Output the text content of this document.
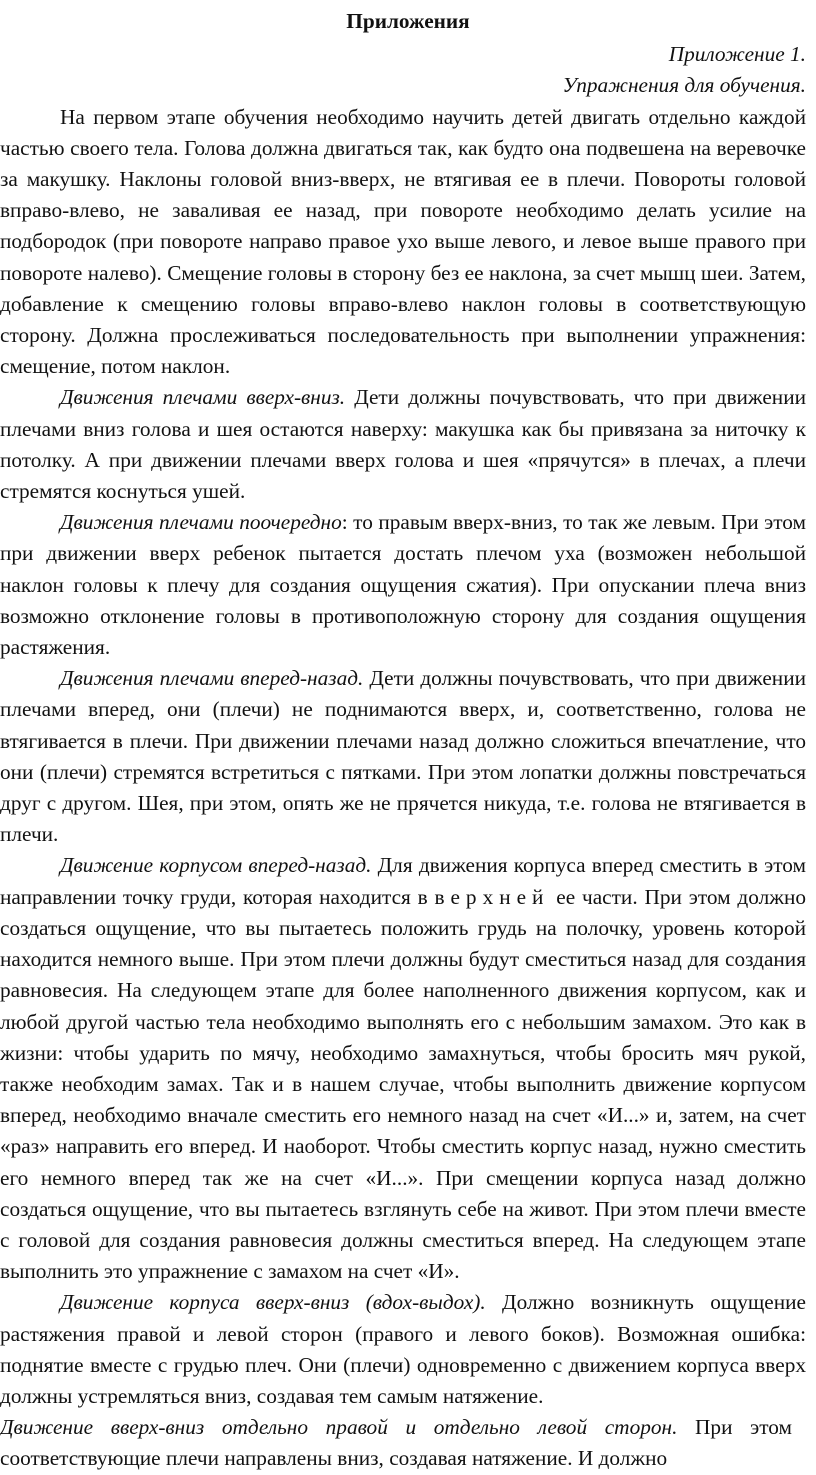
Приложения
Приложение 1.
Упражнения для обучения.

На первом этапе обучения необходимо научить детей двигать отдельно каждой частью своего тела. Голова должна двигаться так, как будто она подвешена на веревочке за макушку. Наклоны головой вниз-вверх, не втягивая ее в плечи. Повороты головой вправо-влево, не заваливая ее назад, при повороте необходимо делать усилие на подбородок (при повороте направо правое ухо выше левого, и левое выше правого при повороте налево). Смещение головы в сторону без ее наклона, за счет мышц шеи. Затем, добавление к смещению головы вправо-влево наклон головы в соответствующую сторону. Должна прослеживаться последовательность при выполнении упражнения: смещение, потом наклон.

Движения плечами вверх-вниз. Дети должны почувствовать, что при движении плечами вниз голова и шея остаются наверху: макушка как бы привязана за ниточку к потолку. А при движении плечами вверх голова и шея «прячутся» в плечах, а плечи стремятся коснуться ушей.

Движения плечами поочередно: то правым вверх-вниз, то так же левым. При этом при движении вверх ребенок пытается достать плечом уха (возможен небольшой наклон головы к плечу для создания ощущения сжатия). При опускании плеча вниз возможно отклонение головы в противоположную сторону для создания ощущения растяжения.

Движения плечами вперед-назад. Дети должны почувствовать, что при движении плечами вперед, они (плечи) не поднимаются вверх, и, соответственно, голова не втягивается в плечи. При движении плечами назад должно сложиться впечатление, что они (плечи) стремятся встретиться с пятками. При этом лопатки должны повстречаться друг с другом. Шея, при этом, опять же не прячется никуда, т.е. голова не втягивается в плечи.

Движение корпусом вперед-назад. Для движения корпуса вперед сместить в этом направлении точку груди, которая находится в верхней ее части. При этом должно создаться ощущение, что вы пытаетесь положить грудь на полочку, уровень которой находится немного выше. При этом плечи должны будут сместиться назад для создания равновесия. На следующем этапе для более наполненного движения корпусом, как и любой другой частью тела необходимо выполнять его с небольшим замахом. Это как в жизни: чтобы ударить по мячу, необходимо замахнуться, чтобы бросить мяч рукой, также необходим замах. Так и в нашем случае, чтобы выполнить движение корпусом вперед, необходимо вначале сместить его немного назад на счет «И...» и, затем, на счет «раз» направить его вперед. И наоборот. Чтобы сместить корпус назад, нужно сместить его немного вперед так же на счет «И...». При смещении корпуса назад должно создаться ощущение, что вы пытаетесь взглянуть себе на живот. При этом плечи вместе с головой для создания равновесия должны сместиться вперед. На следующем этапе выполнить это упражнение с замахом на счет «И».

Движение корпуса вверх-вниз (вдох-выдох). Должно возникнуть ощущение растяжения правой и левой сторон (правого и левого боков). Возможная ошибка: поднятие вместе с грудью плеч. Они (плечи) одновременно с движением корпуса вверх должны устремляться вниз, создавая тем самым натяжение.

Движение вверх-вниз отдельно правой и отдельно левой сторон. При этом соответствующие плечи направлены вниз, создавая натяжение. И должно
